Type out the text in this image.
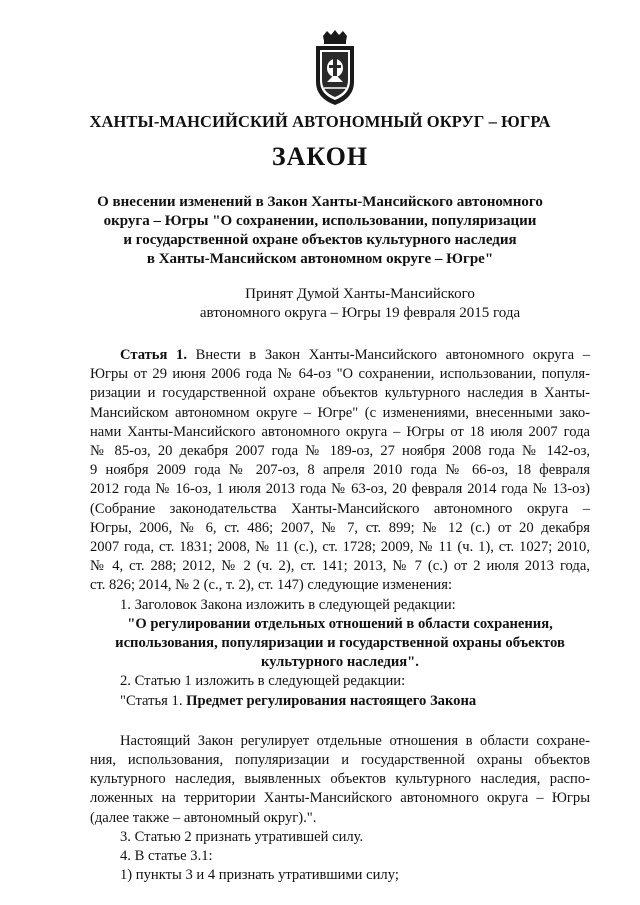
ХАНТЫ-МАНСИЙСКИЙ АВТОНОМНЫЙ ОКРУГ – ЮГРА
ЗАКОН
О внесении изменений в Закон Ханты-Мансийского автономного
округа – Югры "О сохранении, использовании, популяризации
и государственной охране объектов культурного наследия
в Ханты-Мансийском автономном округе – Югре"
Принят Думой Ханты-Мансийского
автономного округа – Югры 19 февраля 2015 года
Статья 1. Внести в Закон Ханты-Мансийского автономного округа –
Югры от 29 июня 2006 года № 64-оз "О сохранении, использовании, популя-
ризации и государственной охране объектов культурного наследия в Ханты-
Мансийском автономном округе – Югре" (с изменениями, внесенными зако-
нами Ханты-Мансийского автономного округа – Югры от 18 июля 2007 года
№ 85-оз, 20 декабря 2007 года № 189-оз, 27 ноября 2008 года № 142-оз,
9 ноября 2009 года № 207-оз, 8 апреля 2010 года № 66-оз, 18 февраля
2012 года № 16-оз, 1 июля 2013 года № 63-оз, 20 февраля 2014 года № 13-оз)
(Собрание законодательства Ханты-Мансийского автономного округа –
Югры, 2006, № 6, ст. 486; 2007, № 7, ст. 899; № 12 (с.) от 20 декабря
2007 года, ст. 1831; 2008, № 11 (с.), ст. 1728; 2009, № 11 (ч. 1), ст. 1027; 2010,
№ 4, ст. 288; 2012, № 2 (ч. 2), ст. 141; 2013, № 7 (с.) от 2 июля 2013 года,
ст. 826; 2014, № 2 (с., т. 2), ст. 147) следующие изменения:
1. Заголовок Закона изложить в следующей редакции:
"О регулировании отдельных отношений в области сохранения,
использования, популяризации и государственной охраны объектов
культурного наследия".
2. Статью 1 изложить в следующей редакции:
"Статья 1. Предмет регулирования настоящего Закона
Настоящий Закон регулирует отдельные отношения в области сохране-
ния, использования, популяризации и государственной охраны объектов
культурного наследия, выявленных объектов культурного наследия, распо-
ложенных на территории Ханты-Мансийского автономного округа – Югры
(далее также – автономный округ).".
3. Статью 2 признать утратившей силу.
4. В статье 3.1:
1) пункты 3 и 4 признать утратившими силу;
